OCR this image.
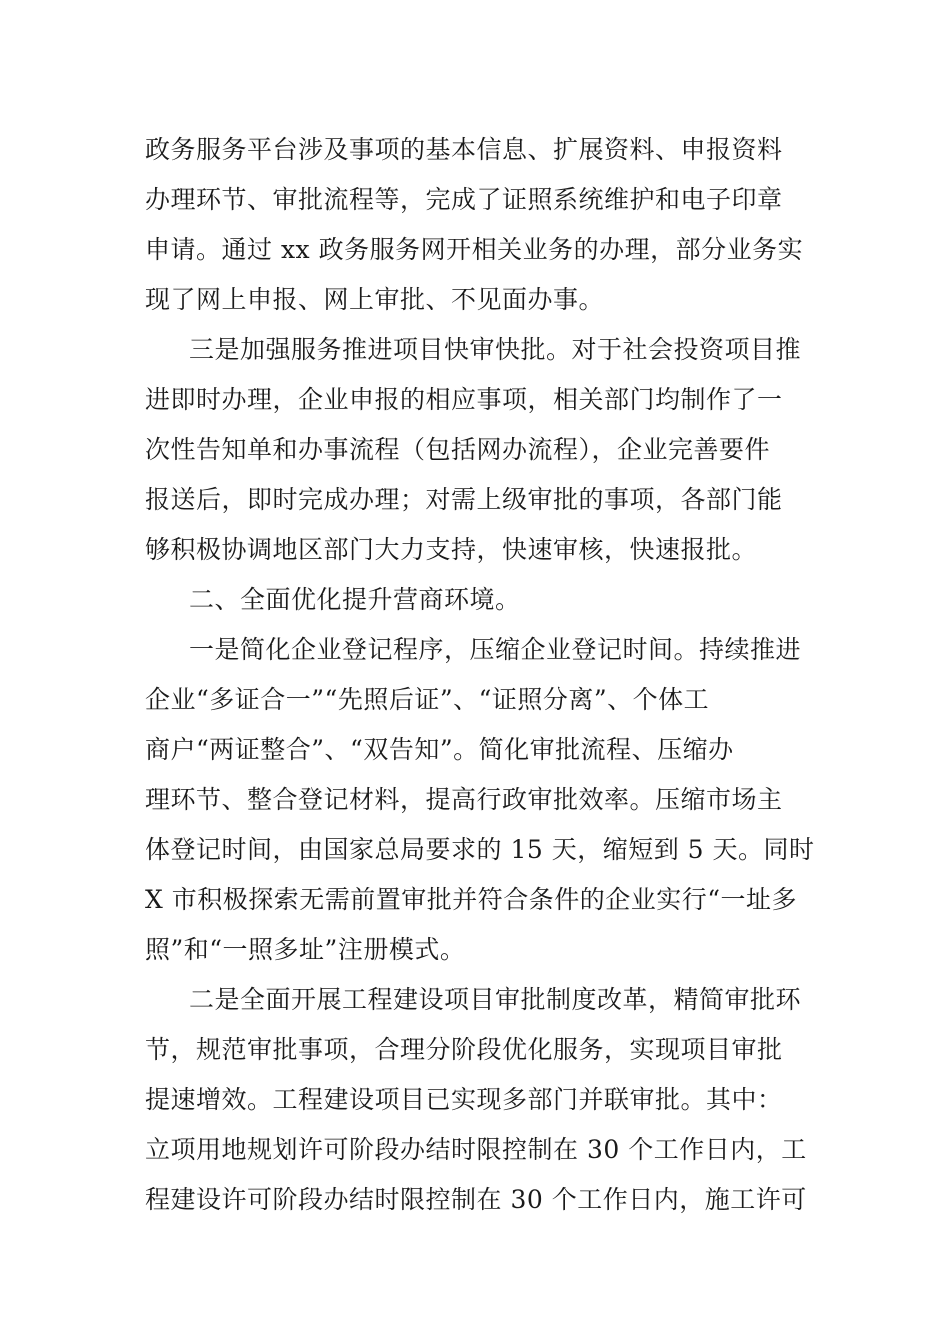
政务服务平台涉及事项的基本信息、扩展资料、申报资料
办理环节、审批流程等，完成了证照系统维护和电子印章
申请。通过 xx 政务服务网开相关业务的办理，部分业务实
现了网上申报、网上审批、不见面办事。
三是加强服务推进项目快审快批。对于社会投资项目推
进即时办理，企业申报的相应事项，相关部门均制作了一
次性告知单和办事流程（包括网办流程），企业完善要件
报送后，即时完成办理；对需上级审批的事项，各部门能
够积极协调地区部门大力支持，快速审核，快速报批。
二、全面优化提升营商环境。
一是简化企业登记程序，压缩企业登记时间。持续推进
企业“多证合一”“先照后证”、“证照分离”、个体工
商户“两证整合”、“双告知”。简化审批流程、压缩办
理环节、整合登记材料，提高行政审批效率。压缩市场主
体登记时间，由国家总局要求的 15 天，缩短到 5 天。同时
X 市积极探索无需前置审批并符合条件的企业实行“一址多
照”和“一照多址”注册模式。
二是全面开展工程建设项目审批制度改革，精简审批环
节，规范审批事项，合理分阶段优化服务，实现项目审批
提速增效。工程建设项目已实现多部门并联审批。其中：
立项用地规划许可阶段办结时限控制在 30 个工作日内，工
程建设许可阶段办结时限控制在 30 个工作日内，施工许可
